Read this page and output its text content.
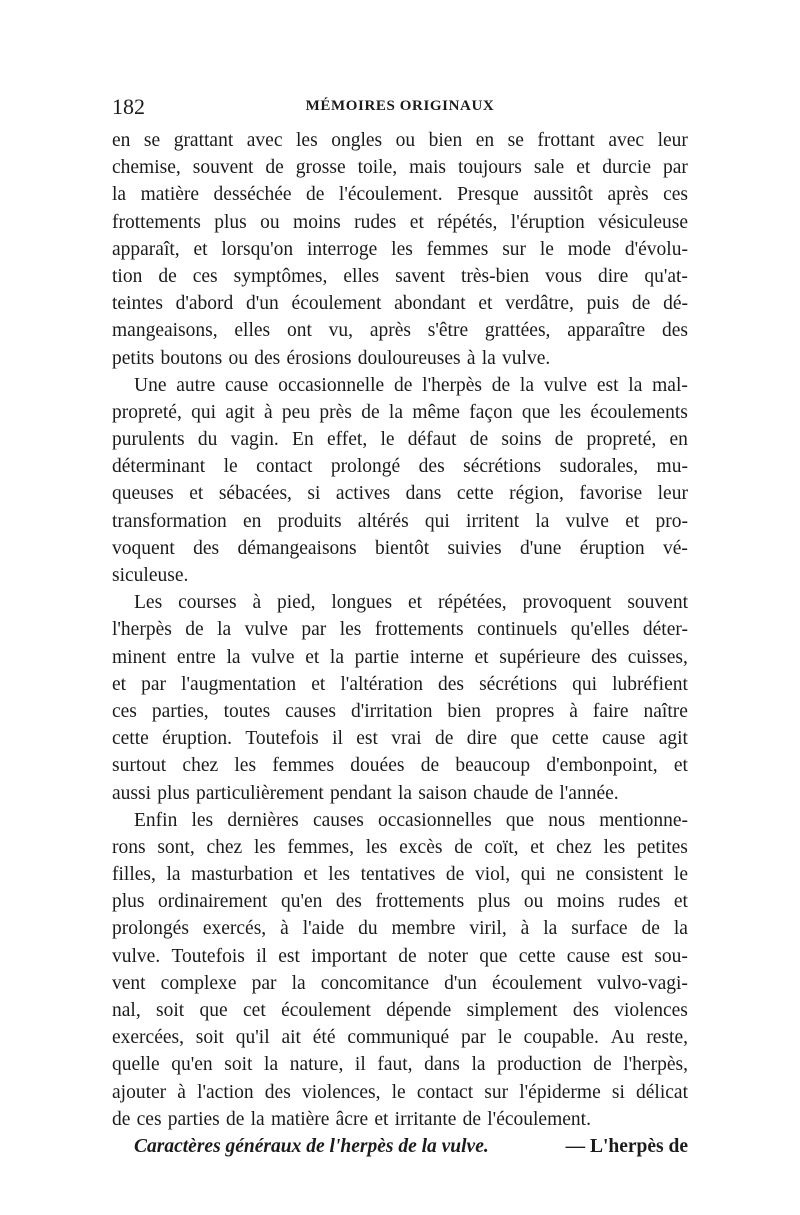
182	MÉMOIRES ORIGINAUX
en se grattant avec les ongles ou bien en se frottant avec leur
chemise, souvent de grosse toile, mais toujours sale et durcie par
la matière desséchée de l'écoulement. Presque aussitôt après ces
frottements plus ou moins rudes et répétés, l'éruption vésiculeuse
apparaît, et lorsqu'on interroge les femmes sur le mode d'évolu-
tion de ces symptômes, elles savent très-bien vous dire qu'at-
teintes d'abord d'un écoulement abondant et verdâtre, puis de dé-
mangeaisons, elles ont vu, après s'être grattées, apparaître des
petits boutons ou des érosions douloureuses à la vulve.
Une autre cause occasionnelle de l'herpès de la vulve est la mal-
propreté, qui agit à peu près de la même façon que les écoulements
purulents du vagin. En effet, le défaut de soins de propreté, en
déterminant le contact prolongé des sécrétions sudorales, mu-
queuses et sébacées, si actives dans cette région, favorise leur
transformation en produits altérés qui irritent la vulve et pro-
voquent des démangeaisons bientôt suivies d'une éruption vé-
siculeuse.
Les courses à pied, longues et répétées, provoquent souvent
l'herpès de la vulve par les frottements continuels qu'elles déter-
minent entre la vulve et la partie interne et supérieure des cuisses,
et par l'augmentation et l'altération des sécrétions qui lubréfient
ces parties, toutes causes d'irritation bien propres à faire naître
cette éruption. Toutefois il est vrai de dire que cette cause agit
surtout chez les femmes douées de beaucoup d'embonpoint, et
aussi plus particulièrement pendant la saison chaude de l'année.
Enfin les dernières causes occasionnelles que nous mentionne-
rons sont, chez les femmes, les excès de coït, et chez les petites
filles, la masturbation et les tentatives de viol, qui ne consistent le
plus ordinairement qu'en des frottements plus ou moins rudes et
prolongés exercés, à l'aide du membre viril, à la surface de la
vulve. Toutefois il est important de noter que cette cause est sou-
vent complexe par la concomitance d'un écoulement vulvo-vagi-
nal, soit que cet écoulement dépende simplement des violences
exercées, soit qu'il ait été communiqué par le coupable. Au reste,
quelle qu'en soit la nature, il faut, dans la production de l'herpès,
ajouter à l'action des violences, le contact sur l'épiderme si délicat
de ces parties de la matière âcre et irritante de l'écoulement.
Caractères généraux de l'herpès de la vulve.	— L'herpès de
